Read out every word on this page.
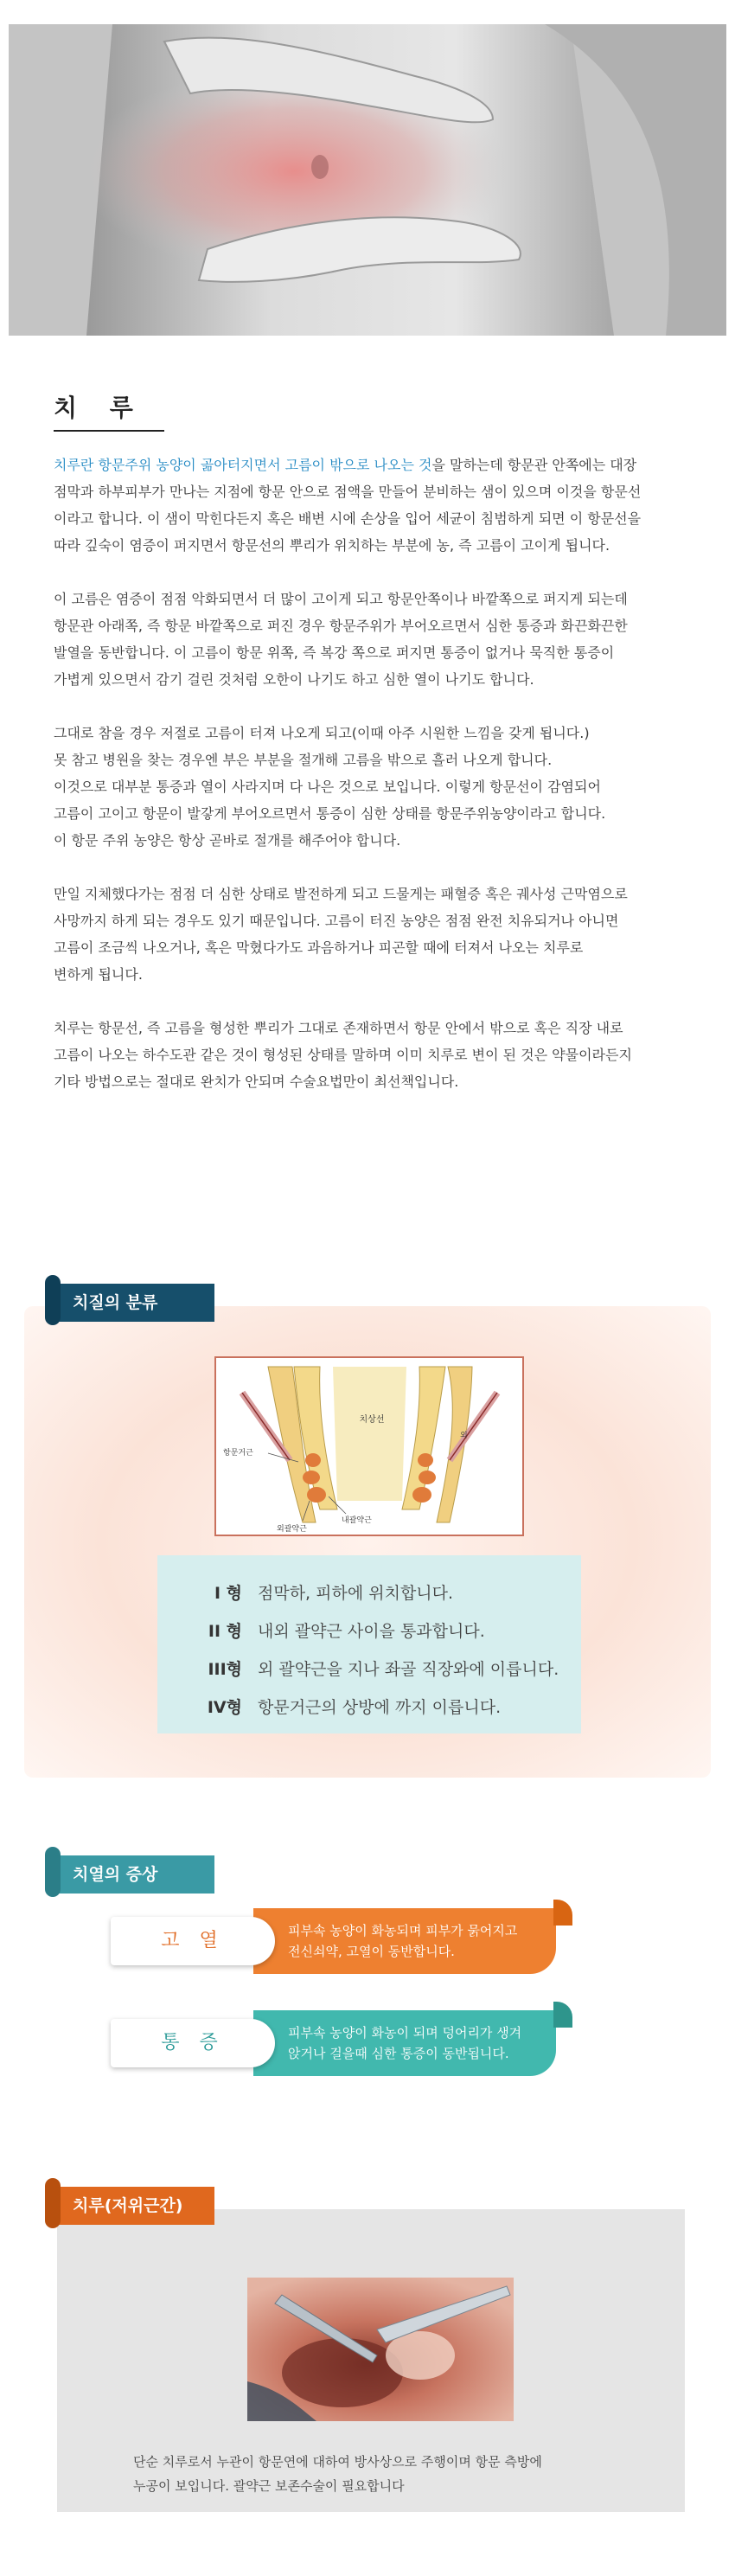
치 루

치루란 항문주위 농양이 곪아터지면서 고름이 밖으로 나오는 것을 말하는데 항문관 안쪽에는 대장
점막과 하부피부가 만나는 지점에 항문 안으로 점액을 만들어 분비하는 샘이 있으며 이것을 항문선
이라고 합니다. 이 샘이 막힌다든지 혹은 배변 시에 손상을 입어 세균이 침범하게 되면 이 항문선을
따라 깊숙이 염증이 퍼지면서 항문선의 뿌리가 위치하는 부분에 농, 즉 고름이 고이게 됩니다.

이 고름은 염증이 점점 악화되면서 더 많이 고이게 되고 항문안쪽이나 바깥쪽으로 퍼지게 되는데
항문관 아래쪽, 즉 항문 바깥쪽으로 퍼진 경우 항문주위가 부어오르면서 심한 통증과 화끈화끈한
발열을 동반합니다. 이 고름이 항문 위쪽, 즉 복강 쪽으로 퍼지면 통증이 없거나 묵직한 통증이
가볍게 있으면서 감기 걸린 것처럼 오한이 나기도 하고 심한 열이 나기도 합니다.

그대로 참을 경우 저절로 고름이 터져 나오게 되고(이때 아주 시원한 느낌을 갖게 됩니다.)
못 참고 병원을 찾는 경우엔 부은 부분을 절개해 고름을 밖으로 흘러 나오게 합니다.
이것으로 대부분 통증과 열이 사라지며 다 나은 것으로 보입니다. 이렇게 항문선이 감염되어
고름이 고이고 항문이 발갛게 부어오르면서 통증이 심한 상태를 항문주위농양이라고 합니다.
이 항문 주위 농양은 항상 곧바로 절개를 해주어야 합니다.

만일 지체했다가는 점점 더 심한 상태로 발전하게 되고 드물게는 패혈증 혹은 궤사성 근막염으로
사망까지 하게 되는 경우도 있기 때문입니다. 고름이 터진 농양은 점점 완전 치유되거나 아니면
고름이 조금씩 나오거나, 혹은 막혔다가도 과음하거나 피곤할 때에 터져서 나오는 치루로
변하게 됩니다.

치루는 항문선, 즉 고름을 형성한 뿌리가 그대로 존재하면서 항문 안에서 밖으로 혹은 직장 내로
고름이 나오는 하수도관 같은 것이 형성된 상태를 말하며 이미 치루로 변이 된 것은 약물이라든지
기타 방법으로는 절대로 완치가 안되며 수술요법만이 최선책입니다.

치질의 분류
항문거근
치상선
외
외괄약근
내괄약근
I 형 점막하, 피하에 위치합니다.
II 형 내외 괄약근 사이을 통과합니다.
III형 외 괄약근을 지나 좌골 직장와에 이릅니다.
IV형 항문거근의 상방에 까지 이릅니다.
치열의 증상
피부속 농양이 화농되며 피부가 묽어지고
전신쇠약, 고열이 동반합니다.
고 열
피부속 농양이 화농이 되며 덩어리가 생겨
앉거나 걸을때 심한 통증이 동반됩니다.
통 증
치루(저위근간)
단순 치루로서 누관이 항문연에 대하여 방사상으로 주행이며 항문 측방에
누공이 보입니다. 괄약근 보존수술이 필요합니다
